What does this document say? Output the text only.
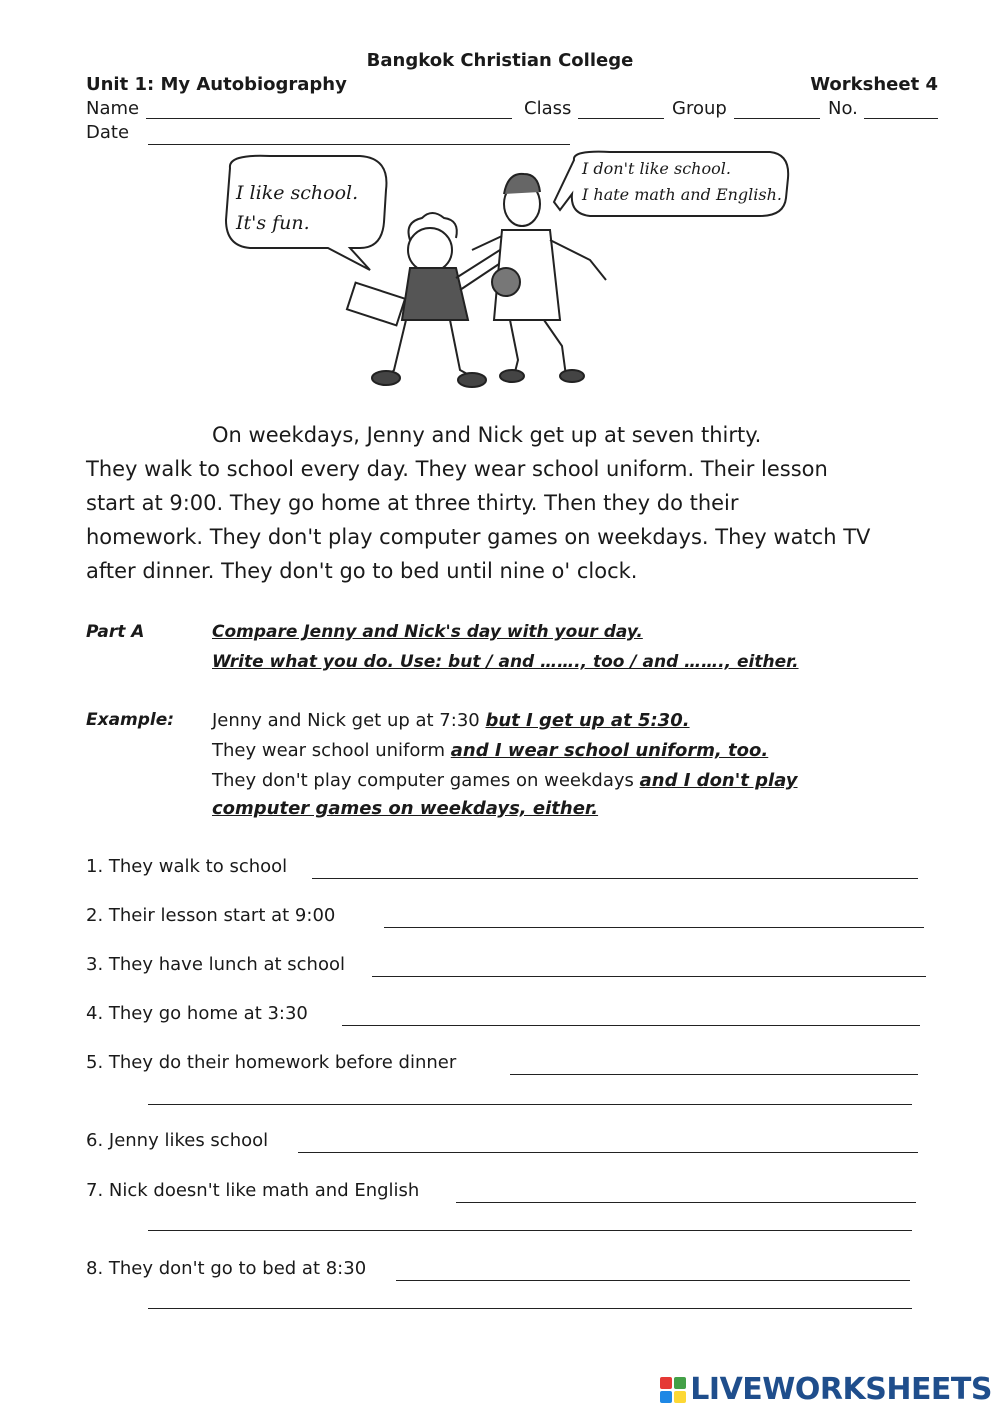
Bangkok Christian College
Unit 1: My Autobiography	Worksheet 4
Name	Class	Group	No.
Date
I like school.
It's fun.
I don't like school.
I hate math and English.
On weekdays, Jenny and Nick get up at seven thirty.
They walk to school every day. They wear school uniform. Their lesson
start at 9:00. They go home at three thirty. Then they do their
homework. They don't play computer games on weekdays. They watch TV
after dinner. They don't go to bed until nine o' clock.
Part A	Compare Jenny and Nick's day with your day.
Write what you do. Use: but / and ……., too / and ……., either.
Example: Jenny and Nick get up at 7:30 but I get up at 5:30.
They wear school uniform and I wear school uniform, too.
They don't play computer games on weekdays and I don't play
computer games on weekdays, either.
1. They walk to school
2. Their lesson start at 9:00
3. They have lunch at school
4. They go home at 3:30
5. They do their homework before dinner
6. Jenny likes school
7. Nick doesn't like math and English
8. They don't go to bed at 8:30
LIVEWORKSHEETS
